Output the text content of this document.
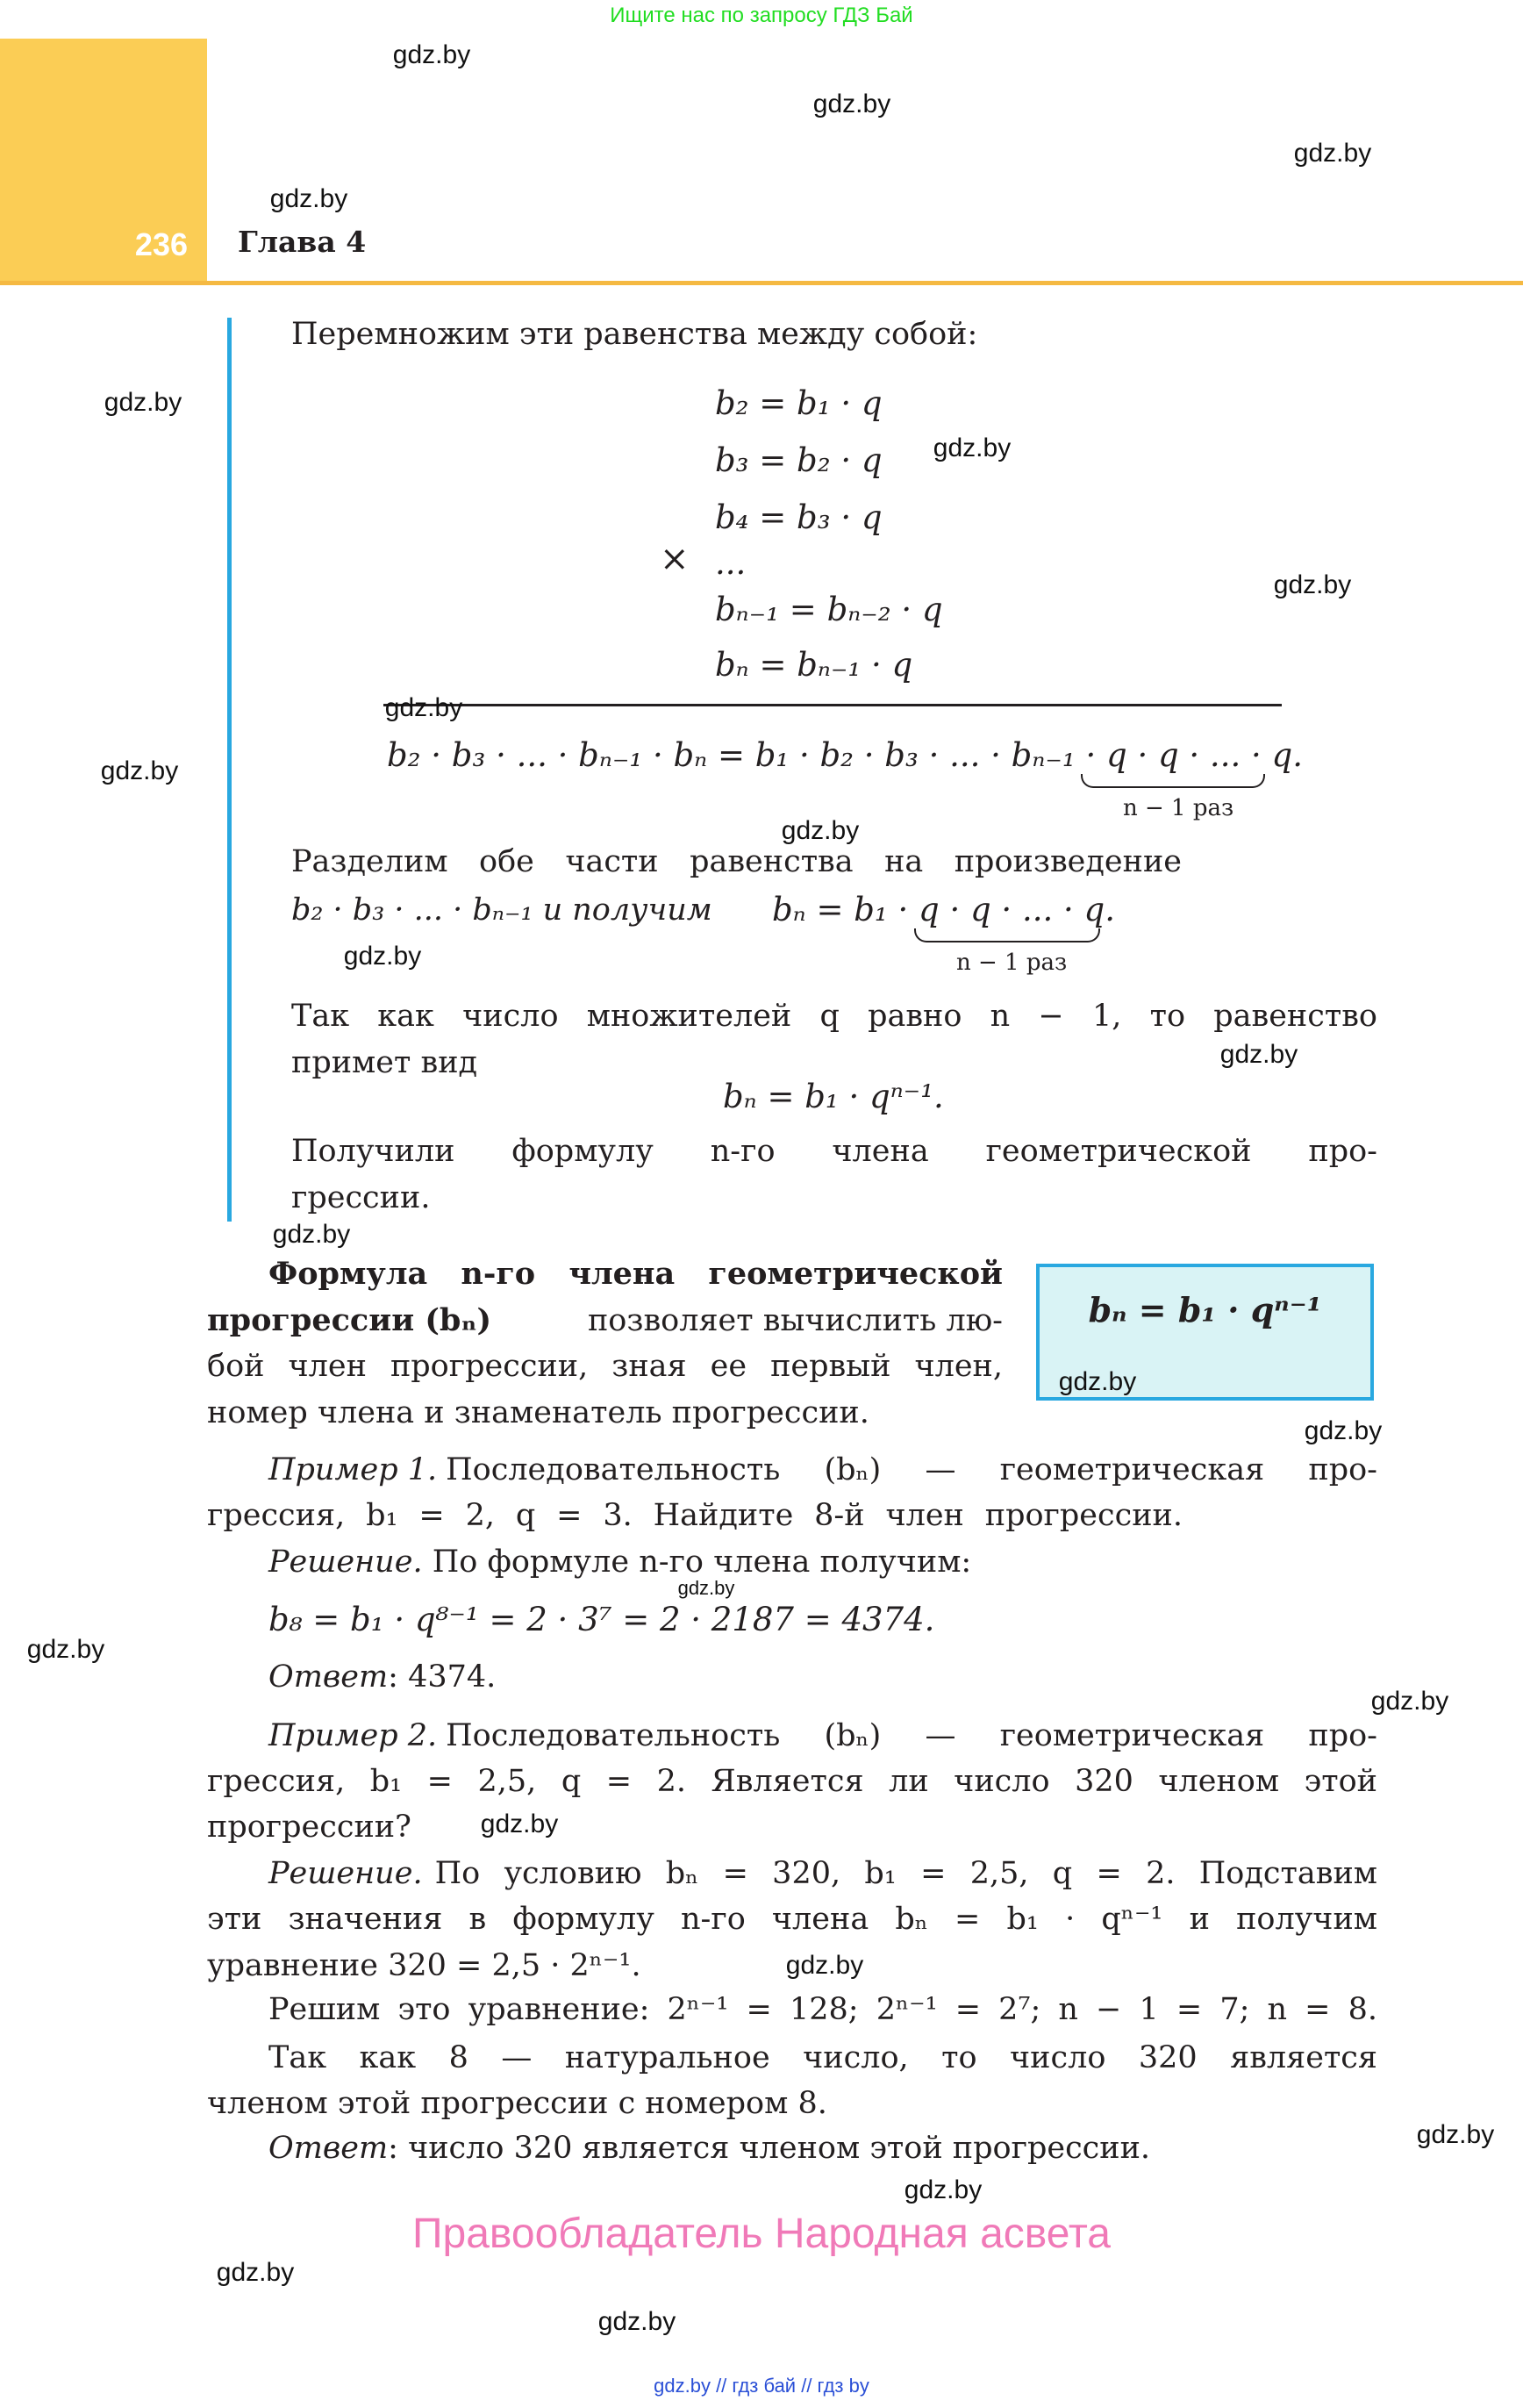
Ищите нас по запросу ГДЗ Бай
236 Глава 4
Перемножим эти равенства между собой:
b₂ = b₁ · q
b₃ = b₂ · q
b₄ = b₃ · q
...
bₙ₋₁ = bₙ₋₂ · q
bₙ = bₙ₋₁ · q
×
b₂ · b₃ · ... · bₙ₋₁ · bₙ = b₁ · b₂ · b₃ · ... · bₙ₋₁ · q · q · ... · q.
n − 1 раз
Разделим обе части равенства на произведение
b₂ · b₃ · ... · bₙ₋₁ и получим bₙ = b₁ · q · q · ... · q.
n − 1 раз
Так как число множителей q равно n − 1, то равенство
примет вид
bₙ = b₁ · qⁿ⁻¹.
Получили формулу n-го члена геометрической про-
грессии.
Формула n-го члена геометрической
прогрессии (bₙ)	позволяет вычислить лю-
бой член прогрессии, зная ее первый член,
номер члена и знаменатель прогрессии.
bₙ = b₁ · qⁿ⁻¹
Пример 1. Последовательность (bₙ) — геометрическая про-
грессия, b₁ = 2, q = 3. Найдите 8-й член прогрессии.
Решение. По формуле n-го члена получим:
b₈ = b₁ · q⁸⁻¹ = 2 · 3⁷ = 2 · 2187 = 4374.
Ответ: 4374.
Пример 2. Последовательность (bₙ) — геометрическая про-
грессия, b₁ = 2,5, q = 2. Является ли число 320 членом этой
прогрессии?
Решение. По условию bₙ = 320, b₁ = 2,5, q = 2. Подставим
эти значения в формулу n-го члена bₙ = b₁ · qⁿ⁻¹ и получим
уравнение 320 = 2,5 · 2ⁿ⁻¹.
Решим это уравнение: 2ⁿ⁻¹ = 128; 2ⁿ⁻¹ = 2⁷; n − 1 = 7; n = 8.
Так как 8 — натуральное число, то число 320 является
членом этой прогрессии с номером 8.
Ответ: число 320 является членом этой прогрессии.
gdz.by
gdz.by
gdz.by
gdz.by
gdz.by
gdz.by
gdz.by
gdz.by
gdz.by
gdz.by
gdz.by
gdz.by
gdz.by
gdz.by
gdz.by
gdz.by
gdz.by
gdz.by
gdz.by
gdz.by
gdz.by
gdz.by
gdz.by
gdz.by
Правообладатель Народная асвета
gdz.by // гдз бай // гдз by
